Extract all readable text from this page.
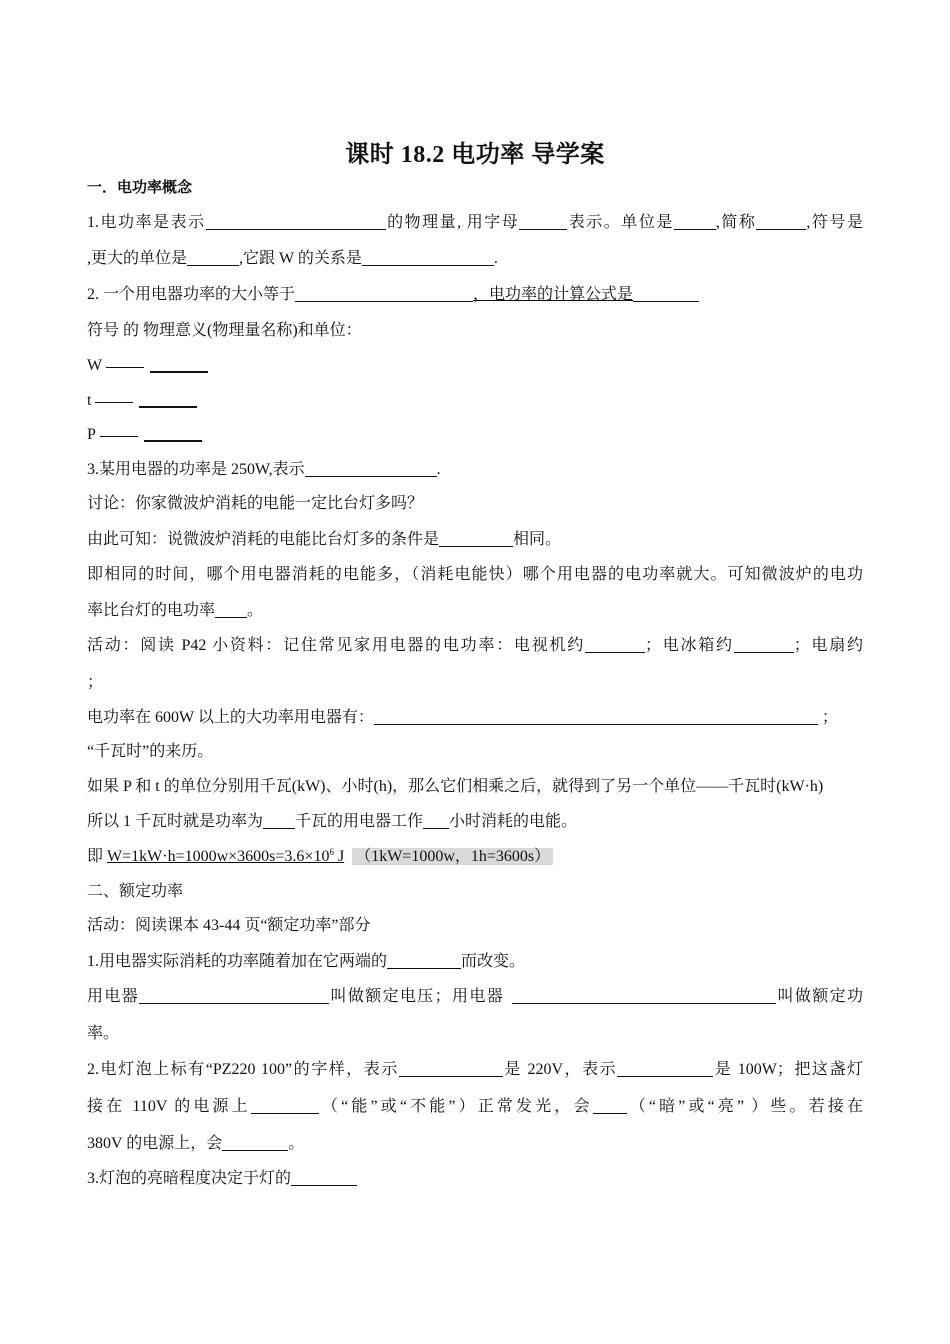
课时 18.2 电功率 导学案
一．电功率概念
1.电功率是表示	的物理量, 用字母	表示。单位是	,简称	,符号是
,更大的单位是	,它跟 W 的关系是	.
2. 一个用电器功率的大小等于	，电功率的计算公式是
符号 的 物理意义(物理量名称)和单位：
W
t
P
3.某用电器的功率是 250W,表示	.
讨论：你家微波炉消耗的电能一定比台灯多吗？
由此可知：说微波炉消耗的电能比台灯多的条件是	相同。
即相同的时间，哪个用电器消耗的电能多，（消耗电能快）哪个用电器的电功率就大。可知微波炉的电功
率比台灯的电功率 。
活动：阅读 P42 小资料：记住常见家用电器的电功率：电视机约	；电冰箱约	；电扇约
；
电功率在 600W 以上的大功率用电器有：	；
“千瓦时”的来历。
如果 P 和 t 的单位分别用千瓦(kW)、小时(h)，那么它们相乘之后，就得到了另一个单位——千瓦时(kW·h)
所以 1 千瓦时就是功率为 千瓦的用电器工作 小时消耗的电能。
即 $W=1kW\cdot h=1000w\times 3600s=3.6\times 10^6$ J （1kW=1000w，1h=3600s）
二、额定功率
活动：阅读课本 43-44 页“额定功率”部分
1.用电器实际消耗的功率随着加在它两端的	而改变。
用电器	叫做额定电压；用电器	叫做额定功
率。
2.电灯泡上标有“PZ220 100”的字样，表示	是 220V，表示	是 100W；把这盏灯
接在 110V 的电源上	（“能”或“不能”）正常发光，会 （“暗”或“亮” ）些。若接在
380V 的电源上，会	。
3.灯泡的亮暗程度决定于灯的
